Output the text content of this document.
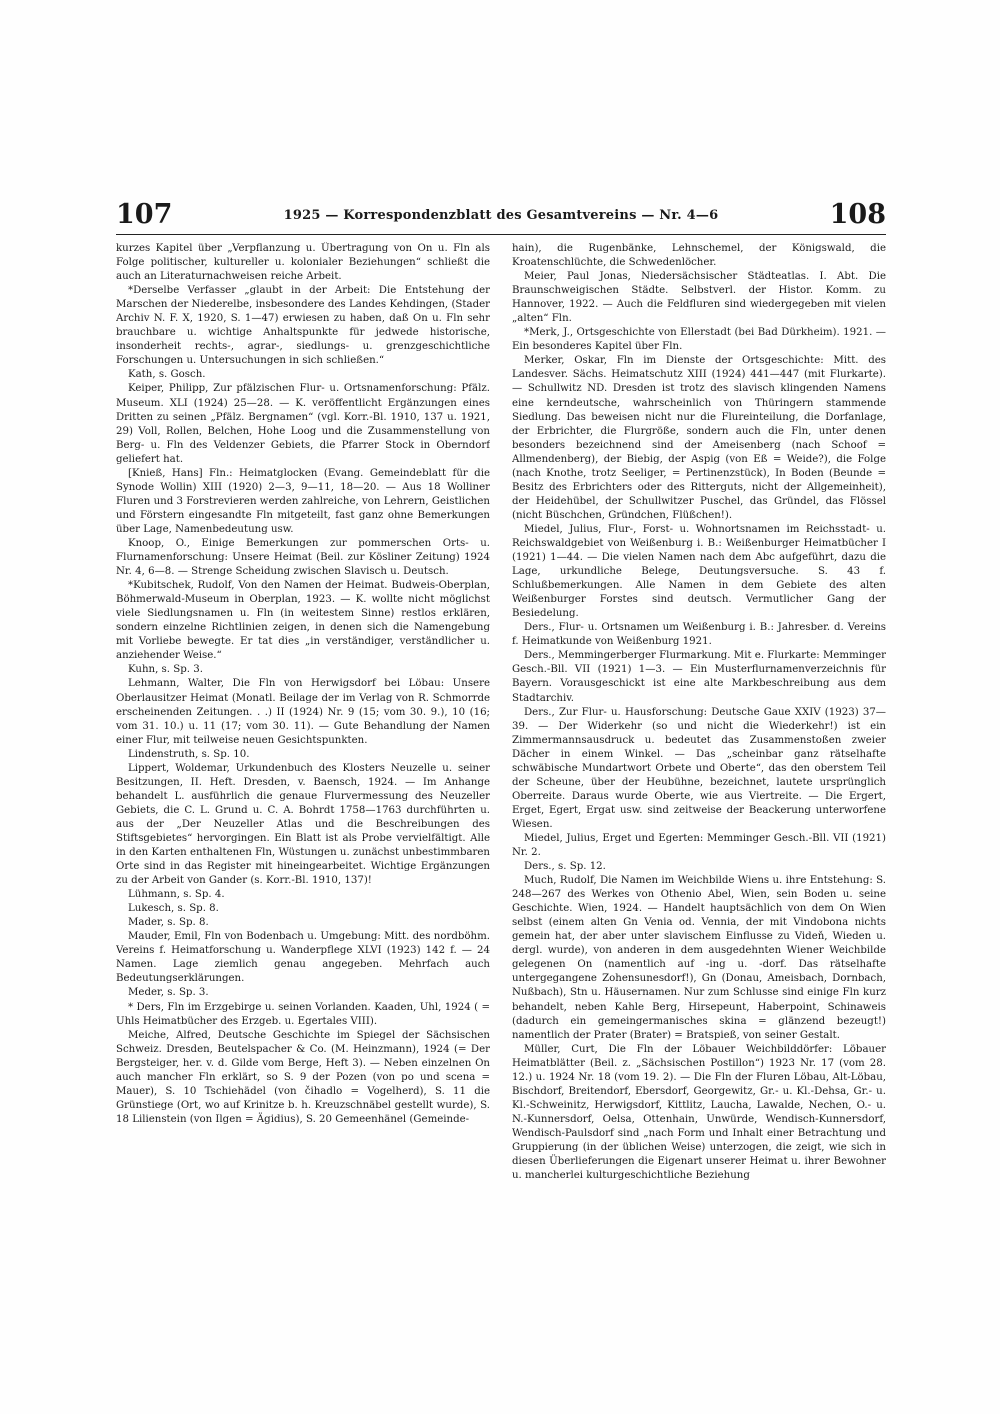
107	1925 — Korrespondenzblatt des Gesamtvereins — Nr. 4—6	108

kurzes Kapitel über „Verpflanzung u. Übertragung von On u. Fln als Folge politischer, kultureller u. kolonialer Beziehungen“ schließt die auch an Literaturnachweisen reiche Arbeit.

*Derselbe Verfasser „glaubt in der Arbeit: Die Entstehung der Marschen der Niederelbe, insbesondere des Landes Kehdingen, (Stader Archiv N. F. X, 1920, S. 1—47) erwiesen zu haben, daß On u. Fln sehr brauchbare u. wichtige Anhaltspunkte für jedwede historische, insonderheit rechts-, agrar-, siedlungs- u. grenzgeschichtliche Forschungen u. Untersuchungen in sich schließen.“

Kath, s. Gosch.

Keiper, Philipp, Zur pfälzischen Flur- u. Ortsnamenforschung: Pfälz. Museum. XLI (1924) 25—28. — K. veröffentlicht Ergänzungen eines Dritten zu seinen „Pfälz. Bergnamen“ (vgl. Korr.-Bl. 1910, 137 u. 1921, 29) Voll, Rollen, Belchen, Hohe Loog und die Zusammenstellung von Berg- u. Fln des Veldenzer Gebiets, die Pfarrer Stock in Oberndorf geliefert hat.

[Knieß, Hans] Fln.: Heimatglocken (Evang. Gemeindeblatt für die Synode Wollin) XIII (1920) 2—3, 9—11, 18—20. — Aus 18 Wolliner Fluren und 3 Forstrevieren werden zahlreiche, von Lehrern, Geistlichen und Förstern eingesandte Fln mitgeteilt, fast ganz ohne Bemerkungen über Lage, Namenbedeutung usw.

Knoop, O., Einige Bemerkungen zur pommerschen Orts- u. Flurnamenforschung: Unsere Heimat (Beil. zur Kösliner Zeitung) 1924 Nr. 4, 6—8. — Strenge Scheidung zwischen Slavisch u. Deutsch.

*Kubitschek, Rudolf, Von den Namen der Heimat. Budweis-Oberplan, Böhmerwald-Museum in Oberplan, 1923. — K. wollte nicht möglichst viele Siedlungsnamen u. Fln (in weitestem Sinne) restlos erklären, sondern einzelne Richtlinien zeigen, in denen sich die Namengebung mit Vorliebe bewegte. Er tat dies „in verständiger, verständlicher u. anziehender Weise.“

Kuhn, s. Sp. 3.

Lehmann, Walter, Die Fln von Herwigsdorf bei Löbau: Unsere Oberlausitzer Heimat (Monatl. Beilage der im Verlag von R. Schmorrde erscheinenden Zeitungen. . .) II (1924) Nr. 9 (15; vom 30. 9.), 10 (16; vom 31. 10.) u. 11 (17; vom 30. 11). — Gute Behandlung der Namen einer Flur, mit teilweise neuen Gesichtspunkten.

Lindenstruth, s. Sp. 10.

Lippert, Woldemar, Urkundenbuch des Klosters Neuzelle u. seiner Besitzungen, II. Heft. Dresden, v. Baensch, 1924. — Im Anhange behandelt L. ausführlich die genaue Flurvermessung des Neuzeller Gebiets, die C. L. Grund u. C. A. Bohrdt 1758—1763 durchführten u. aus der „Der Neuzeller Atlas und die Beschreibungen des Stiftsgebietes“ hervorgingen. Ein Blatt ist als Probe vervielfältigt. Alle in den Karten enthaltenen Fln, Wüstungen u. zunächst unbestimmbaren Orte sind in das Register mit hineingearbeitet. Wichtige Ergänzungen zu der Arbeit von Gander (s. Korr.-Bl. 1910, 137)!

Lühmann, s. Sp. 4.

Lukesch, s. Sp. 8.

Mader, s. Sp. 8.

Mauder, Emil, Fln von Bodenbach u. Umgebung: Mitt. des nordböhm. Vereins f. Heimatforschung u. Wanderpflege XLVI (1923) 142 f. — 24 Namen. Lage ziemlich genau angegeben. Mehrfach auch Bedeutungserklärungen.

Meder, s. Sp. 3.

* Ders, Fln im Erzgebirge u. seinen Vorlanden. Kaaden, Uhl, 1924 ( = Uhls Heimatbücher des Erzgeb. u. Egertales VIII).

Meiche, Alfred, Deutsche Geschichte im Spiegel der Sächsischen Schweiz. Dresden, Beutelspacher & Co. (M. Heinzmann), 1924 (= Der Bergsteiger, her. v. d. Gilde vom Berge, Heft 3). — Neben einzelnen On auch mancher Fln erklärt, so S. 9 der Pozen (von po und scena = Mauer), S. 10 Tschiehädel (von čihadlo = Vogelherd), S. 11 die Grünstiege (Ort, wo auf Krinitze b. h. Kreuzschnäbel gestellt wurde), S. 18 Lilienstein (von Ilgen = Ägidius), S. 20 Gemeenhänel (Gemeinde-

hain), die Rugenbänke, Lehnschemel, der Königswald, die Kroatenschlüchte, die Schwedenlöcher.

Meier, Paul Jonas, Niedersächsischer Städteatlas. I. Abt. Die Braunschweigischen Städte. Selbstverl. der Histor. Komm. zu Hannover, 1922. — Auch die Feldfluren sind wiedergegeben mit vielen „alten“ Fln.

*Merk, J., Ortsgeschichte von Ellerstadt (bei Bad Dürkheim). 1921. — Ein besonderes Kapitel über Fln.

Merker, Oskar, Fln im Dienste der Ortsgeschichte: Mitt. des Landesver. Sächs. Heimatschutz XIII (1924) 441—447 (mit Flurkarte). — Schullwitz ND. Dresden ist trotz des slavisch klingenden Namens eine kerndeutsche, wahrscheinlich von Thüringern stammende Siedlung. Das beweisen nicht nur die Flureinteilung, die Dorfanlage, der Erbrichter, die Flurgröße, sondern auch die Fln, unter denen besonders bezeichnend sind der Ameisenberg (nach Schoof = Allmendenberg), der Biebig, der Aspig (von Eß = Weide?), die Folge (nach Knothe, trotz Seeliger, = Pertinenzstück), In Boden (Beunde = Besitz des Erbrichters oder des Ritterguts, nicht der Allgemeinheit), der Heidehübel, der Schullwitzer Puschel, das Gründel, das Flössel (nicht Büschchen, Gründchen, Flüßchen!).

Miedel, Julius, Flur-, Forst- u. Wohnortsnamen im Reichsstadt- u. Reichswaldgebiet von Weißenburg i. B.: Weißenburger Heimatbücher I (1921) 1—44. — Die vielen Namen nach dem Abc aufgeführt, dazu die Lage, urkundliche Belege, Deutungsversuche. S. 43 f. Schlußbemerkungen. Alle Namen in dem Gebiete des alten Weißenburger Forstes sind deutsch. Vermutlicher Gang der Besiedelung.

Ders., Flur- u. Ortsnamen um Weißenburg i. B.: Jahresber. d. Vereins f. Heimatkunde von Weißenburg 1921.

Ders., Memmingerberger Flurmarkung. Mit e. Flurkarte: Memminger Gesch.-Bll. VII (1921) 1—3. — Ein Musterflurnamenverzeichnis für Bayern. Vorausgeschickt ist eine alte Markbeschreibung aus dem Stadtarchiv.

Ders., Zur Flur- u. Hausforschung: Deutsche Gaue XXIV (1923) 37—39. — Der Widerkehr (so und nicht die Wiederkehr!) ist ein Zimmermannsausdruck u. bedeutet das Zusammenstoßen zweier Dächer in einem Winkel. — Das „scheinbar ganz rätselhafte schwäbische Mundartwort Orbete und Oberte“, das den oberstem Teil der Scheune, über der Heubühne, bezeichnet, lautete ursprünglich Oberreite. Daraus wurde Oberte, wie aus Viertreite. — Die Ergert, Erget, Egert, Ergat usw. sind zeitweise der Beackerung unterworfene Wiesen.

Miedel, Julius, Erget und Egerten: Memminger Gesch.-Bll. VII (1921) Nr. 2.

Ders., s. Sp. 12.

Much, Rudolf, Die Namen im Weichbilde Wiens u. ihre Entstehung: S. 248—267 des Werkes von Othenio Abel, Wien, sein Boden u. seine Geschichte. Wien, 1924. — Handelt hauptsächlich von dem On Wien selbst (einem alten Gn Venia od. Vennia, der mit Vindobona nichts gemein hat, der aber unter slavischem Einflusse zu Videň, Wieden u. dergl. wurde), von anderen in dem ausgedehnten Wiener Weichbilde gelegenen On (namentlich auf -ing u. -dorf. Das rätselhafte untergegangene Zohensunesdorf!), Gn (Donau, Ameisbach, Dornbach, Nußbach), Stn u. Häusernamen. Nur zum Schlusse sind einige Fln kurz behandelt, neben Kahle Berg, Hirsepeunt, Haberpoint, Schinaweis (dadurch ein gemeingermanisches skina = glänzend bezeugt!) namentlich der Prater (Brater) = Bratspieß, von seiner Gestalt.

Müller, Curt, Die Fln der Löbauer Weichbilddörfer: Löbauer Heimatblätter (Beil. z. „Sächsischen Postillon“) 1923 Nr. 17 (vom 28. 12.) u. 1924 Nr. 18 (vom 19. 2). — Die Fln der Fluren Löbau, Alt-Löbau, Bischdorf, Breitendorf, Ebersdorf, Georgewitz, Gr.- u. Kl.-Dehsa, Gr.- u. Kl.-Schweinitz, Herwigsdorf, Kittlitz, Laucha, Lawalde, Nechen, O.- u. N.-Kunnersdorf, Oelsa, Ottenhain, Unwürde, Wendisch-Kunnersdorf, Wendisch-Paulsdorf sind „nach Form und Inhalt einer Betrachtung und Gruppierung (in der üblichen Weise) unterzogen, die zeigt, wie sich in diesen Überlieferungen die Eigenart unserer Heimat u. ihrer Bewohner u. mancherlei kulturgeschichtliche Beziehung
